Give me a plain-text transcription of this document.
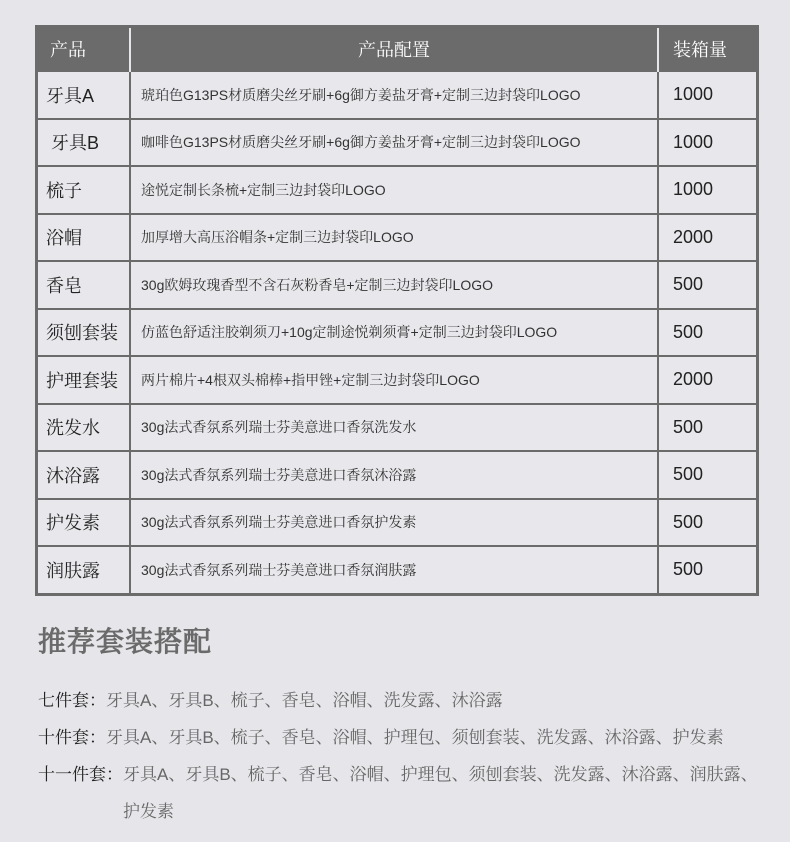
产品	产品配置	装箱量
牙具A	琥珀色G13PS材质磨尖丝牙刷+6g御方姜盐牙膏+定制三边封袋印LOGO	1000
牙具B	咖啡色G13PS材质磨尖丝牙刷+6g御方姜盐牙膏+定制三边封袋印LOGO	1000
梳子	途悦定制长条梳+定制三边封袋印LOGO	1000
浴帽	加厚增大高压浴帽条+定制三边封袋印LOGO	2000
香皂	30g欧姆玫瑰香型不含石灰粉香皂+定制三边封袋印LOGO	500
须刨套装	仿蓝色舒适注胶剃须刀+10g定制途悦剃须膏+定制三边封袋印LOGO	500
护理套装	两片棉片+4根双头棉棒+指甲锉+定制三边封袋印LOGO	2000
洗发水	30g法式香氛系列瑞士芬美意进口香氛洗发水	500
沐浴露	30g法式香氛系列瑞士芬美意进口香氛沐浴露	500
护发素	30g法式香氛系列瑞士芬美意进口香氛护发素	500
润肤露	30g法式香氛系列瑞士芬美意进口香氛润肤露	500
推荐套装搭配
七件套： 牙具A、牙具B、梳子、香皂、浴帽、洗发露、沐浴露
十件套： 牙具A、牙具B、梳子、香皂、浴帽、护理包、须刨套装、洗发露、沐浴露、护发素
十一件套： 牙具A、牙具B、梳子、香皂、浴帽、护理包、须刨套装、洗发露、沐浴露、润肤露、护发素
